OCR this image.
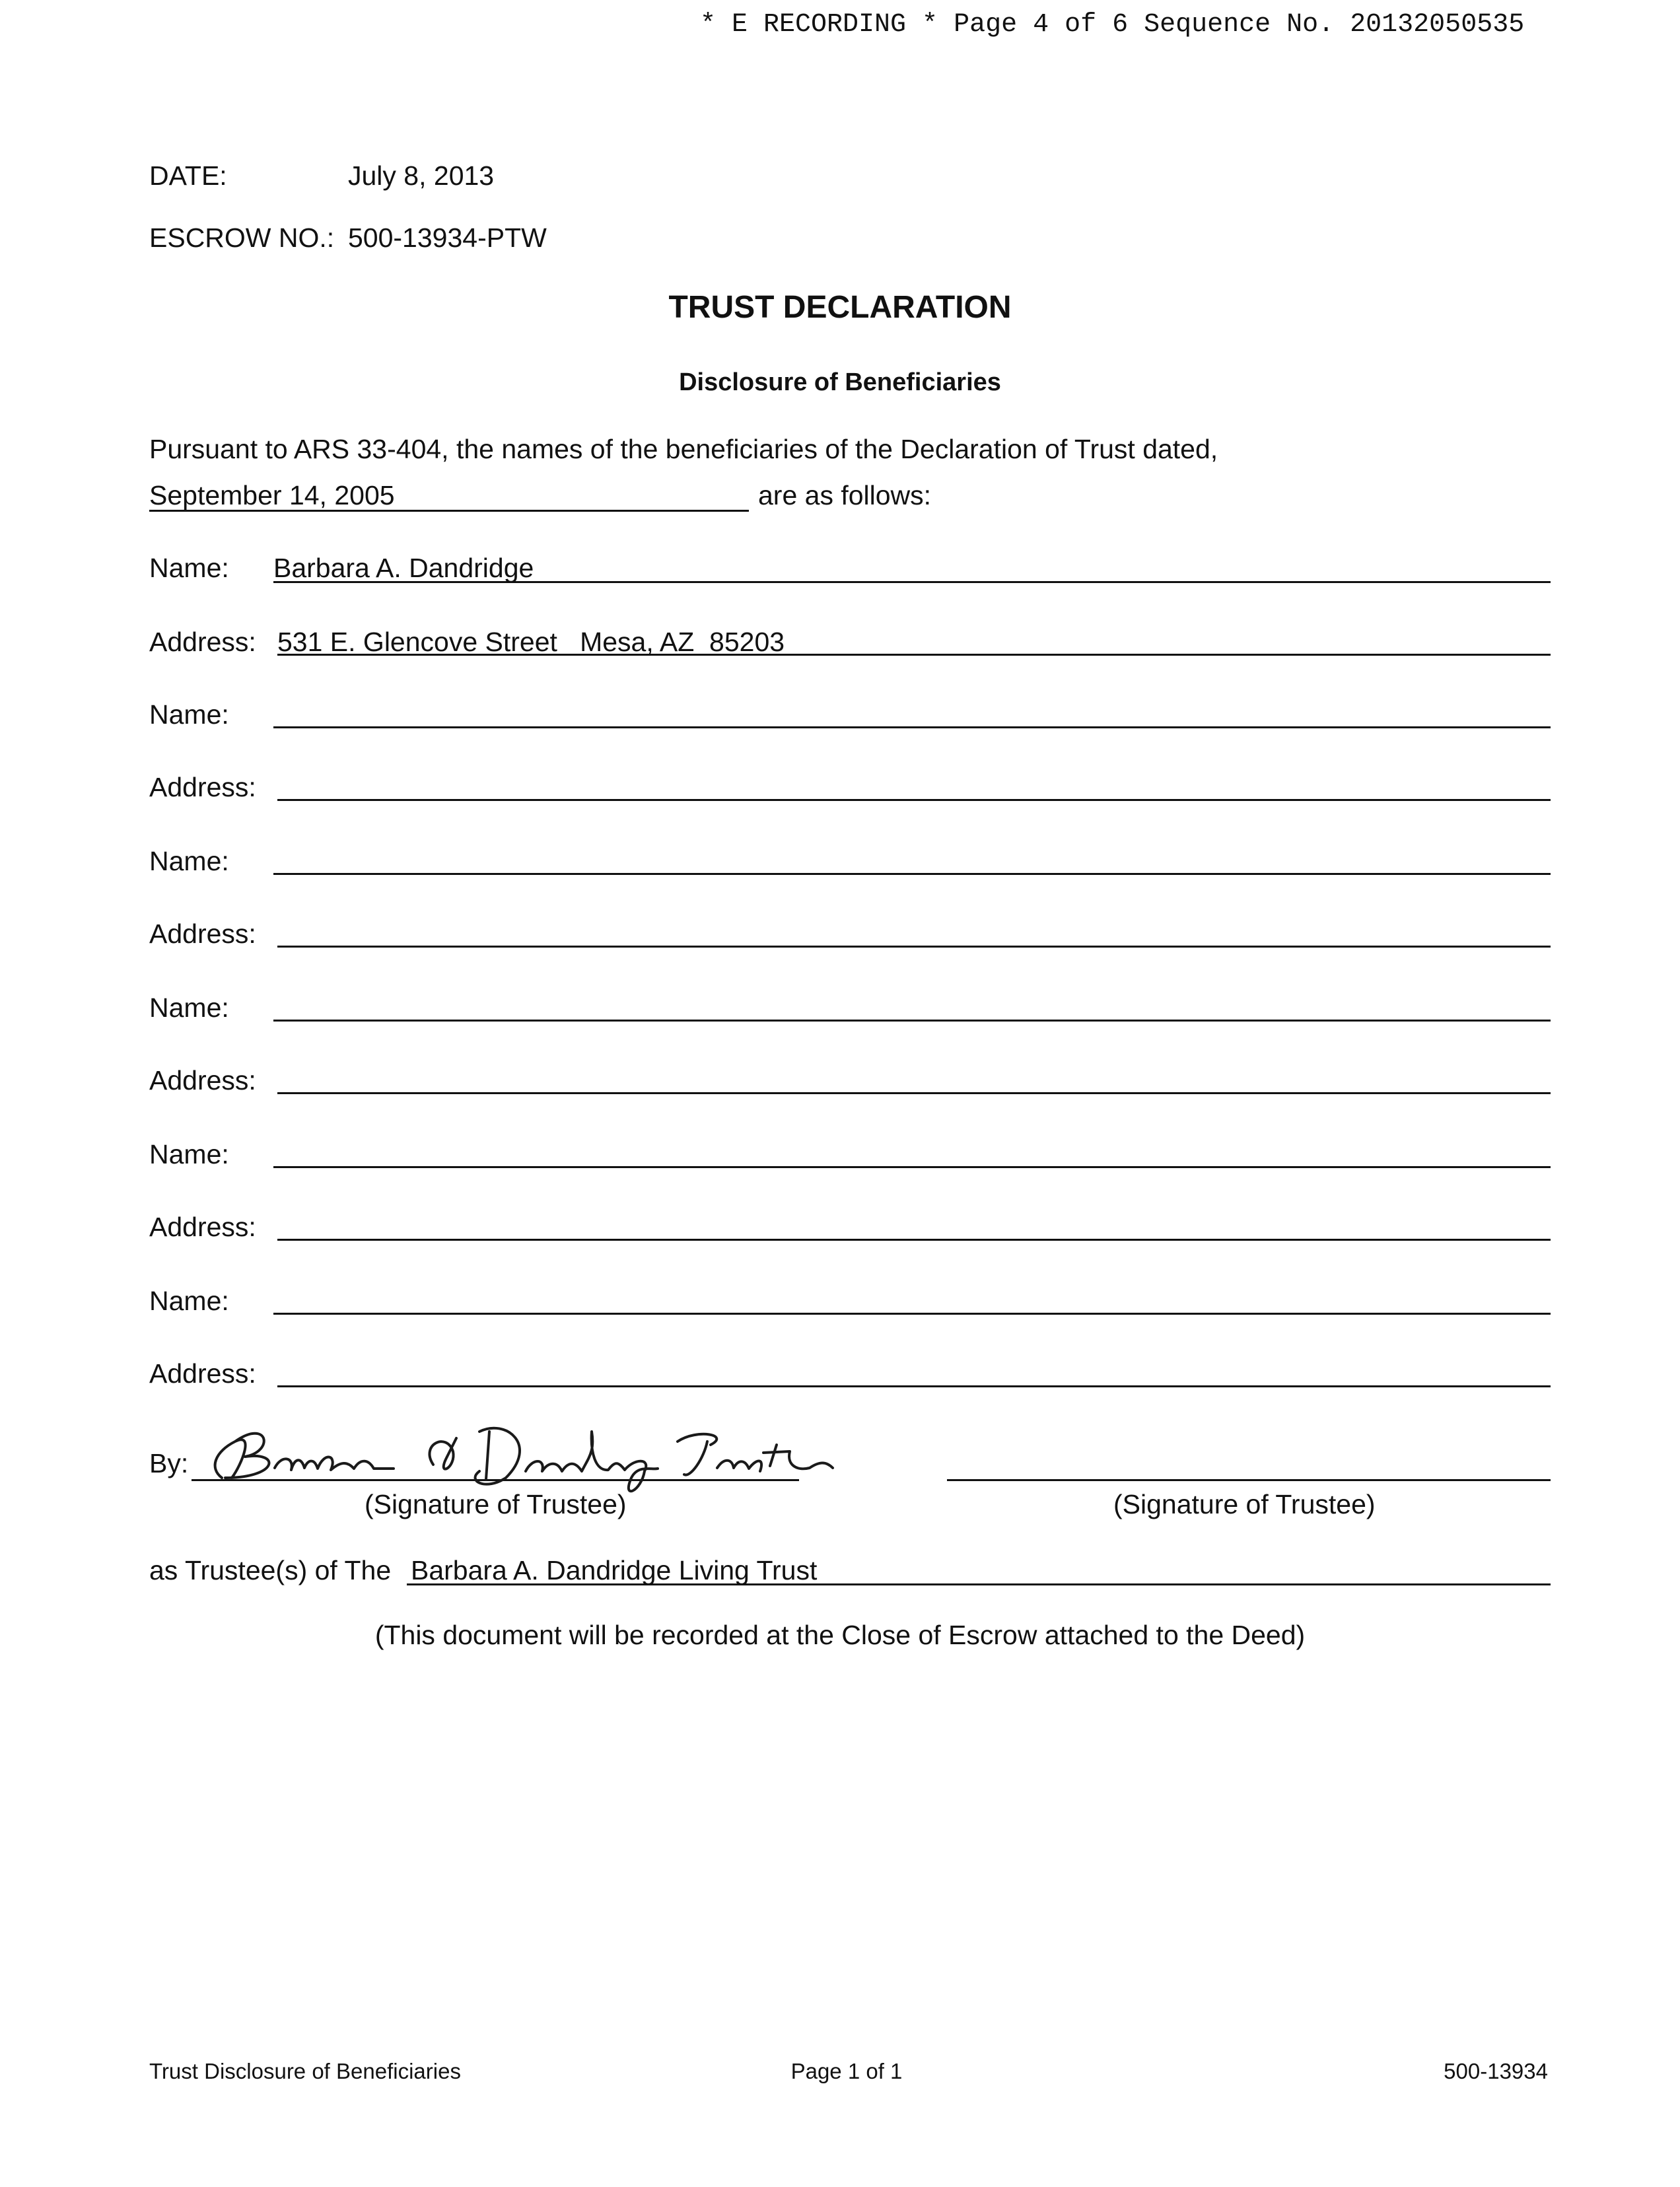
* E RECORDING * Page 4 of 6 Sequence No. 20132050535
DATE:	July 8, 2013
ESCROW NO.: 500-13934-PTW
TRUST DECLARATION
Disclosure of Beneficiaries
Pursuant to ARS 33-404, the names of the beneficiaries of the Declaration of Trust dated,
September 14, 2005	are as follows:
Name: Barbara A. Dandridge
Address: 531 E. Glencove Street   Mesa, AZ  85203
Name:
Address:
Name:
Address:
Name:
Address:
Name:
Address:
Name:
Address:
By:
(Signature of Trustee)	(Signature of Trustee)
as Trustee(s) of The Barbara A. Dandridge Living Trust
(This document will be recorded at the Close of Escrow attached to the Deed)
Trust Disclosure of Beneficiaries	Page 1 of 1	500-13934
